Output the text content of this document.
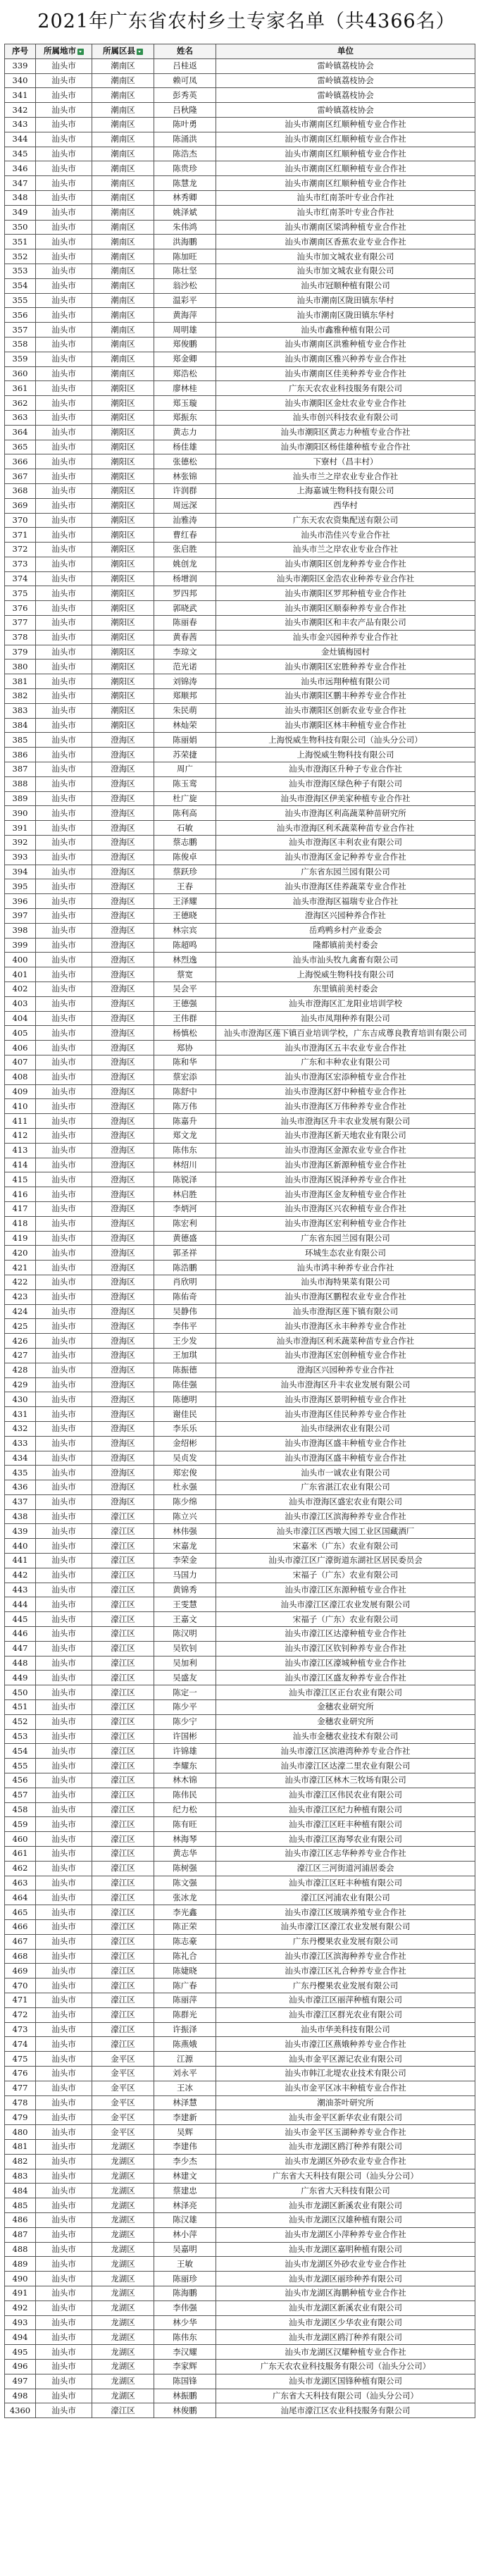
2021年广东省农村乡土专家名单（共4366名）
序号	所属地市	所属区县	姓名	单位
339	汕头市	潮南区	吕桂返	雷岭镇荔枝协会
340	汕头市	潮南区	赖可凤	雷岭镇荔枝协会
341	汕头市	潮南区	彭秀英	雷岭镇荔枝协会
342	汕头市	潮南区	吕秋隆	雷岭镇荔枝协会
343	汕头市	潮南区	陈叶勇	汕头市潮南区红顺种植专业合作社
344	汕头市	潮南区	陈涌洪	汕头市潮南区红顺种植专业合作社
345	汕头市	潮南区	陈浩杰	汕头市潮南区红顺种植专业合作社
346	汕头市	潮南区	陈贵珍	汕头市潮南区红顺种植专业合作社
347	汕头市	潮南区	陈慧龙	汕头市潮南区红顺种植专业合作社
348	汕头市	潮南区	林秀卿	汕头市红南茶叶专业合作社
349	汕头市	潮南区	姚泽斌	汕头市红南茶叶专业合作社
350	汕头市	潮南区	朱伟鸿	汕头市潮南区梁鸿种植专业合作社
351	汕头市	潮南区	洪海鹏	汕头市潮南区香蕉农业专业合作社
352	汕头市	潮南区	陈加旺	汕头市加文城农业有限公司
353	汕头市	潮南区	陈壮坚	汕头市加文城农业有限公司
354	汕头市	潮南区	翁沙松	汕头市冠顺种植有限公司
355	汕头市	潮南区	温彩平	汕头市潮南区陇田镇东华村
356	汕头市	潮南区	黄海萍	汕头市潮南区陇田镇东华村
357	汕头市	潮南区	周明雄	汕头市鑫雅种植有限公司
358	汕头市	潮南区	郑俊鹏	汕头市潮南区洪雅种植专业合作社
359	汕头市	潮南区	郑金卿	汕头市潮南区雅兴种养专业合作社
360	汕头市	潮南区	郑浩松	汕头市潮南区佳美种养专业合作社
361	汕头市	潮阳区	廖林桂	广东天农农业科技服务有限公司
362	汕头市	潮阳区	郑玉璇	汕头市潮阳区金灶农业专业合作社
363	汕头市	潮阳区	郑振东	汕头市创兴科技农业有限公司
364	汕头市	潮阳区	黄志力	汕头市潮阳区黄志力种植专业合作社
365	汕头市	潮阳区	杨佳雄	汕头市潮阳区杨佳雄种植专业合作社
366	汕头市	潮阳区	张德松	下寮村（昌丰村）
367	汕头市	潮阳区	林张锦	汕头市兰之岸农业专业合作社
368	汕头市	潮阳区	许润群	上海嘉诚生物科技有限公司
369	汕头市	潮阳区	周远深	西华村
370	汕头市	潮阳区	汕雅涛	广东天农农资集配送有限公司
371	汕头市	潮阳区	曹红春	汕头市浩佳兴专业合作社
372	汕头市	潮阳区	张启胜	汕头市兰之岸农业专业合作社
373	汕头市	潮阳区	姚创龙	汕头市潮阳区创龙种养专业合作社
374	汕头市	潮阳区	杨增润	汕头市潮阳区金浩农业种养专业合作社
375	汕头市	潮阳区	罗四邦	汕头市潮阳区罗邦种植专业合作社
376	汕头市	潮阳区	郭晓武	汕头市潮阳区顺泰种养专业合作社
377	汕头市	潮阳区	陈丽春	汕头市潮阳区和丰农产品有限公司
378	汕头市	潮阳区	黄春茜	汕头市金兴园种养专业合作社
379	汕头市	潮阳区	李琼文	金灶镇梅园村
380	汕头市	潮阳区	范光诺	汕头市潮阳区宏胜种养专业合作社
381	汕头市	潮阳区	刘锦涛	汕头市远翔种植有限公司
382	汕头市	潮阳区	郑顺邦	汕头市潮阳区鹏丰种养专业合作社
383	汕头市	潮阳区	朱民萌	汕头市潮阳区创新农业专业合作社
384	汕头市	潮阳区	林灿荣	汕头市潮阳区林丰种植专业合作社
385	汕头市	澄海区	陈丽娟	上海悦威生物科技有限公司（汕头分公司）
386	汕头市	澄海区	苏荣捷	上海悦威生物科技有限公司
387	汕头市	澄海区	周广	汕头市澄海区升种子专业合作社
388	汕头市	澄海区	陈玉鸾	汕头市澄海区绿色种子有限公司
389	汕头市	澄海区	杜广旋	汕头市澄海区伊美家种植专业合作社
390	汕头市	澄海区	陈利高	汕头市澄海区利高蔬菜种苗研究所
391	汕头市	澄海区	石敏	汕头市澄海区利禾蔬菜种苗专业合作社
392	汕头市	澄海区	蔡志鹏	汕头市澄海区丰利农业有限公司
393	汕头市	澄海区	陈俊卓	汕头市澄海区金记种养专业合作社
394	汕头市	澄海区	蔡跃珍	广东省东园兰园有限公司
395	汕头市	澄海区	王春	汕头市澄海区佳养蔬菜专业合作社
396	汕头市	澄海区	王泽耀	汕头市澄海区福瑞专业合作社
397	汕头市	澄海区	王德晓	澄海区兴园种养合作社
398	汕头市	澄海区	林宗宾	岳鸡鸭乡村产业委会
399	汕头市	澄海区	陈超鸣	隆都镇前美村委会
400	汕头市	澄海区	林烈逸	汕头市汕头牧九禽畜有限公司
401	汕头市	澄海区	蔡宽	上海悦威生物科技有限公司
402	汕头市	澄海区	吴会平	东里镇前美村委会
403	汕头市	澄海区	王德强	汕头市澄海区汇龙阳业培训学校
404	汕头市	澄海区	王伟群	汕头市凤翔种养有限公司
405	汕头市	澄海区	杨慎松	汕头市澄海区莲下镇百业培训学校，广东吉成尊良教育培训有限公司
406	汕头市	澄海区	郑协	汕头市澄海区五丰农业专业合作社
407	汕头市	澄海区	陈和华	广东和丰种农业有限公司
408	汕头市	澄海区	蔡宏添	汕头市澄海区宏添种植专业合作社
409	汕头市	澄海区	陈舒中	汕头市澄海区舒中种植专业合作社
410	汕头市	澄海区	陈万伟	汕头市澄海区万伟种养专业合作社
411	汕头市	澄海区	陈嘉升	汕头市澄海区升丰农业发展有限公司
412	汕头市	澄海区	郑文龙	汕头市澄海区新天地农业有限公司
413	汕头市	澄海区	陈伟东	汕头市澄海区金源农业专业合作社
414	汕头市	澄海区	林绍川	汕头市澄海区新源种植专业合作社
415	汕头市	澄海区	陈锐泽	汕头市澄海区锐泽种养专业合作社
416	汕头市	澄海区	林启胜	汕头市澄海区金友种植专业合作社
417	汕头市	澄海区	李炳河	汕头市澄海区兴农种植专业合作社
418	汕头市	澄海区	陈宏利	汕头市澄海区宏利种植专业合作社
419	汕头市	澄海区	黄德盛	广东省东园兰园有限公司
420	汕头市	澄海区	郭圣祥	环城生态农业有限公司
421	汕头市	澄海区	陈浩鹏	汕头市鸿丰种养专业合作社
422	汕头市	澄海区	肖欣明	汕头市海特果菜有限公司
423	汕头市	澄海区	陈佑奇	汕头市澄海区鹏程农业专业合作社
424	汕头市	澄海区	吴静伟	汕头市澄海区莲下镇有限公司
425	汕头市	澄海区	李伟平	汕头市澄海区永丰种养专业合作社
426	汕头市	澄海区	王少发	汕头市澄海区利禾蔬菜种苗专业合作社
427	汕头市	澄海区	王加琪	汕头市澄海区宏创种植专业合作社
428	汕头市	澄海区	陈振德	澄海区兴园种养专业合作社
429	汕头市	澄海区	陈佳强	汕头市澄海区升丰农业发展有限公司
430	汕头市	澄海区	陈德明	汕头市澄海区景明种植专业合作社
431	汕头市	澄海区	谢佳民	汕头市澄海区佳民种养专业合作社
432	汕头市	澄海区	李乐乐	汕头市绿洲农业有限公司
433	汕头市	澄海区	金绍彬	汕头市澄海区盛丰种植专业合作社
434	汕头市	澄海区	吴贞发	汕头市澄海区盛丰种植专业合作社
435	汕头市	澄海区	郑宏俊	汕头市一诚农业有限公司
436	汕头市	澄海区	杜永强	广东省湛江农业有限公司
437	汕头市	澄海区	陈少绵	汕头市澄海区盛宏农业有限公司
438	汕头市	濠江区	陈立兴	汕头市濠江区滨海种养专业合作社
439	汕头市	濠江区	林伟强	汕头市濠江区西墩大园工业区国藏酒厂
440	汕头市	濠江区	宋嘉龙	宋嘉米（广东）农业有限公司
441	汕头市	濠江区	李荣金	汕头市濠江区广濠街道东湖社区居民委员会
442	汕头市	濠江区	马国力	宋福子（广东）农业有限公司
443	汕头市	濠江区	黄锦秀	汕头市濠江区东源种植专业合作社
444	汕头市	濠江区	王雯慧	汕头市濠江区濠江农业发展有限公司
445	汕头市	濠江区	王嘉文	宋福子（广东）农业有限公司
446	汕头市	濠江区	陈汉明	汕头市濠江区达濠种植专业合作社
447	汕头市	濠江区	吴钦钊	汕头市濠江区钦钊种养专业合作社
448	汕头市	濠江区	吴加利	汕头市濠江区濠城种植专业合作社
449	汕头市	濠江区	吴盛友	汕头市濠江区盛友种养专业合作社
450	汕头市	濠江区	陈定一	汕头市濠江区正台农业有限公司
451	汕头市	濠江区	陈少平	金穗农业研究所
452	汕头市	濠江区	陈少宁	金穗农业研究所
453	汕头市	濠江区	许国彬	汕头市金穗农业技术有限公司
454	汕头市	濠江区	许锦雄	汕头市濠江区滨港湾种养专业合作社
455	汕头市	濠江区	李耀东	汕头市濠江区达濠二里农业有限公司
456	汕头市	濠江区	林木锦	汕头市濠江区林木三牧场有限公司
457	汕头市	濠江区	陈伟民	汕头市濠江区伟民农业有限公司
458	汕头市	濠江区	纪力松	汕头市濠江区纪力种植有限公司
459	汕头市	濠江区	陈有旺	汕头市濠江区旺丰种植有限公司
460	汕头市	濠江区	林海琴	汕头市濠江区海琴农业有限公司
461	汕头市	濠江区	黄志华	汕头市濠江区志华种养专业合作社
462	汕头市	濠江区	陈树强	濠江区三河街道河浦居委会
463	汕头市	濠江区	陈文强	汕头市濠江区旺丰种植有限公司
464	汕头市	濠江区	张冰龙	濠江区河浦农业有限公司
465	汕头市	濠江区	李光鑫	汕头市濠江区玻璃养殖专业合作社
466	汕头市	濠江区	陈正荣	汕头市濠江区濠江农业发展有限公司
467	汕头市	濠江区	陈志豪	广东丹樱果农业发展有限公司
468	汕头市	濠江区	陈礼合	汕头市濠江区滨海种养专业合作社
469	汕头市	濠江区	陈婕晓	汕头市濠江区礼合种养专业合作社
470	汕头市	濠江区	陈广春	广东丹樱果农业发展有限公司
471	汕头市	濠江区	陈丽萍	汕头市濠江区丽萍种植有限公司
472	汕头市	濠江区	陈群光	汕头市濠江区群光农业有限公司
473	汕头市	濠江区	许振泽	汕头市华美科技有限公司
474	汕头市	濠江区	陈燕娥	汕头市濠江区燕娥种养专业合作社
475	汕头市	金平区	江源	汕头市金平区源记农业有限公司
476	汕头市	金平区	刘永平	汕头市韩江北堤农业技术有限公司
477	汕头市	金平区	王冰	汕头市金平区冰丰种植专业合作社
478	汕头市	金平区	林泽慧	潮油茶叶研究所
479	汕头市	金平区	李建新	汕头市金平区新华农业有限公司
480	汕头市	金平区	吴辉	汕头市金平区玉湖种养专业合作社
481	汕头市	龙湖区	李建伟	汕头市龙湖区鸥汀种养有限公司
482	汕头市	龙湖区	李少杰	汕头市龙湖区外砂农业专业合作社
483	汕头市	龙湖区	林建文	广东省大天科技有限公司（汕头分公司）
484	汕头市	龙湖区	蔡建忠	广东省大天科技有限公司
485	汕头市	龙湖区	林泽亮	汕头市龙湖区新溪农业有限公司
486	汕头市	龙湖区	陈汉雄	汕头市龙湖区汉雄种植有限公司
487	汕头市	龙湖区	林小萍	汕头市龙湖区小萍种养专业合作社
488	汕头市	龙湖区	吴嘉明	汕头市龙湖区嘉明种植有限公司
489	汕头市	龙湖区	王敏	汕头市龙湖区外砂农业专业合作社
490	汕头市	龙湖区	陈丽珍	汕头市龙湖区丽珍种养有限公司
491	汕头市	龙湖区	陈海鹏	汕头市龙湖区海鹏种植专业合作社
492	汕头市	龙湖区	李伟强	汕头市龙湖区新溪农业有限公司
493	汕头市	龙湖区	林少华	汕头市龙湖区少华农业有限公司
494	汕头市	龙湖区	陈伟东	汕头市龙湖区鸥汀种养有限公司
495	汕头市	龙湖区	李汉耀	汕头市龙湖区汉耀种植专业合作社
496	汕头市	龙湖区	李家辉	广东天农农业科技服务有限公司（汕头分公司）
497	汕头市	龙湖区	陈国锋	汕头市龙湖区国锋种植有限公司
498	汕头市	龙湖区	林振鹏	广东省大天科技有限公司（汕头分公司）
4360	汕头市	濠江区	林俊鹏	汕尾市濠江区农业科技服务有限公司
